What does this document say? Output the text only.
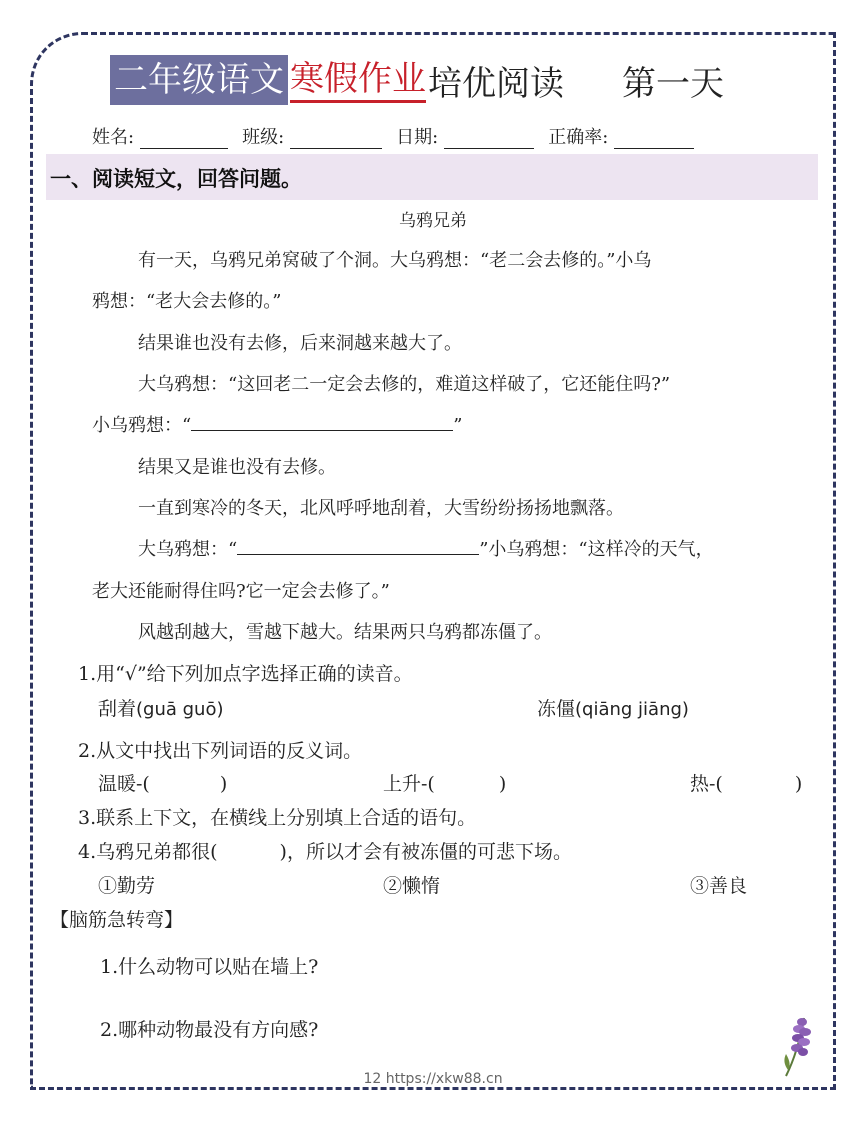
二年级语文 寒假作业 培优阅读 第一天
姓名:	班级:	日期:	正确率:
一、阅读短文，回答问题。
乌鸦兄弟
有一天，乌鸦兄弟窝破了个洞。大乌鸦想：“老二会去修的。”小乌
鸦想：“老大会去修的。”
结果谁也没有去修，后来洞越来越大了。
大乌鸦想：“这回老二一定会去修的，难道这样破了，它还能住吗?”
小乌鸦想：“	”
结果又是谁也没有去修。
一直到寒冷的冬天，北风呼呼地刮着，大雪纷纷扬扬地飘落。
大乌鸦想：“	”小乌鸦想：“这样冷的天气，
老大还能耐得住吗?它一定会去修了。”
风越刮越大，雪越下越大。结果两只乌鸦都冻僵了。
1.用“√”给下列加点字选择正确的读音。
刮着(guā guō)	冻僵(qiāng jiāng)
2.从文中找出下列词语的反义词。
温暖-(	)	上升-(	)	热-(	)
3.联系上下文，在横线上分别填上合适的语句。
4.乌鸦兄弟都很(	)，所以才会有被冻僵的可悲下场。
①勤劳	②懒惰	③善良
【脑筋急转弯】
1.什么动物可以贴在墙上?
2.哪种动物最没有方向感?
12 https://xkw88.cn
